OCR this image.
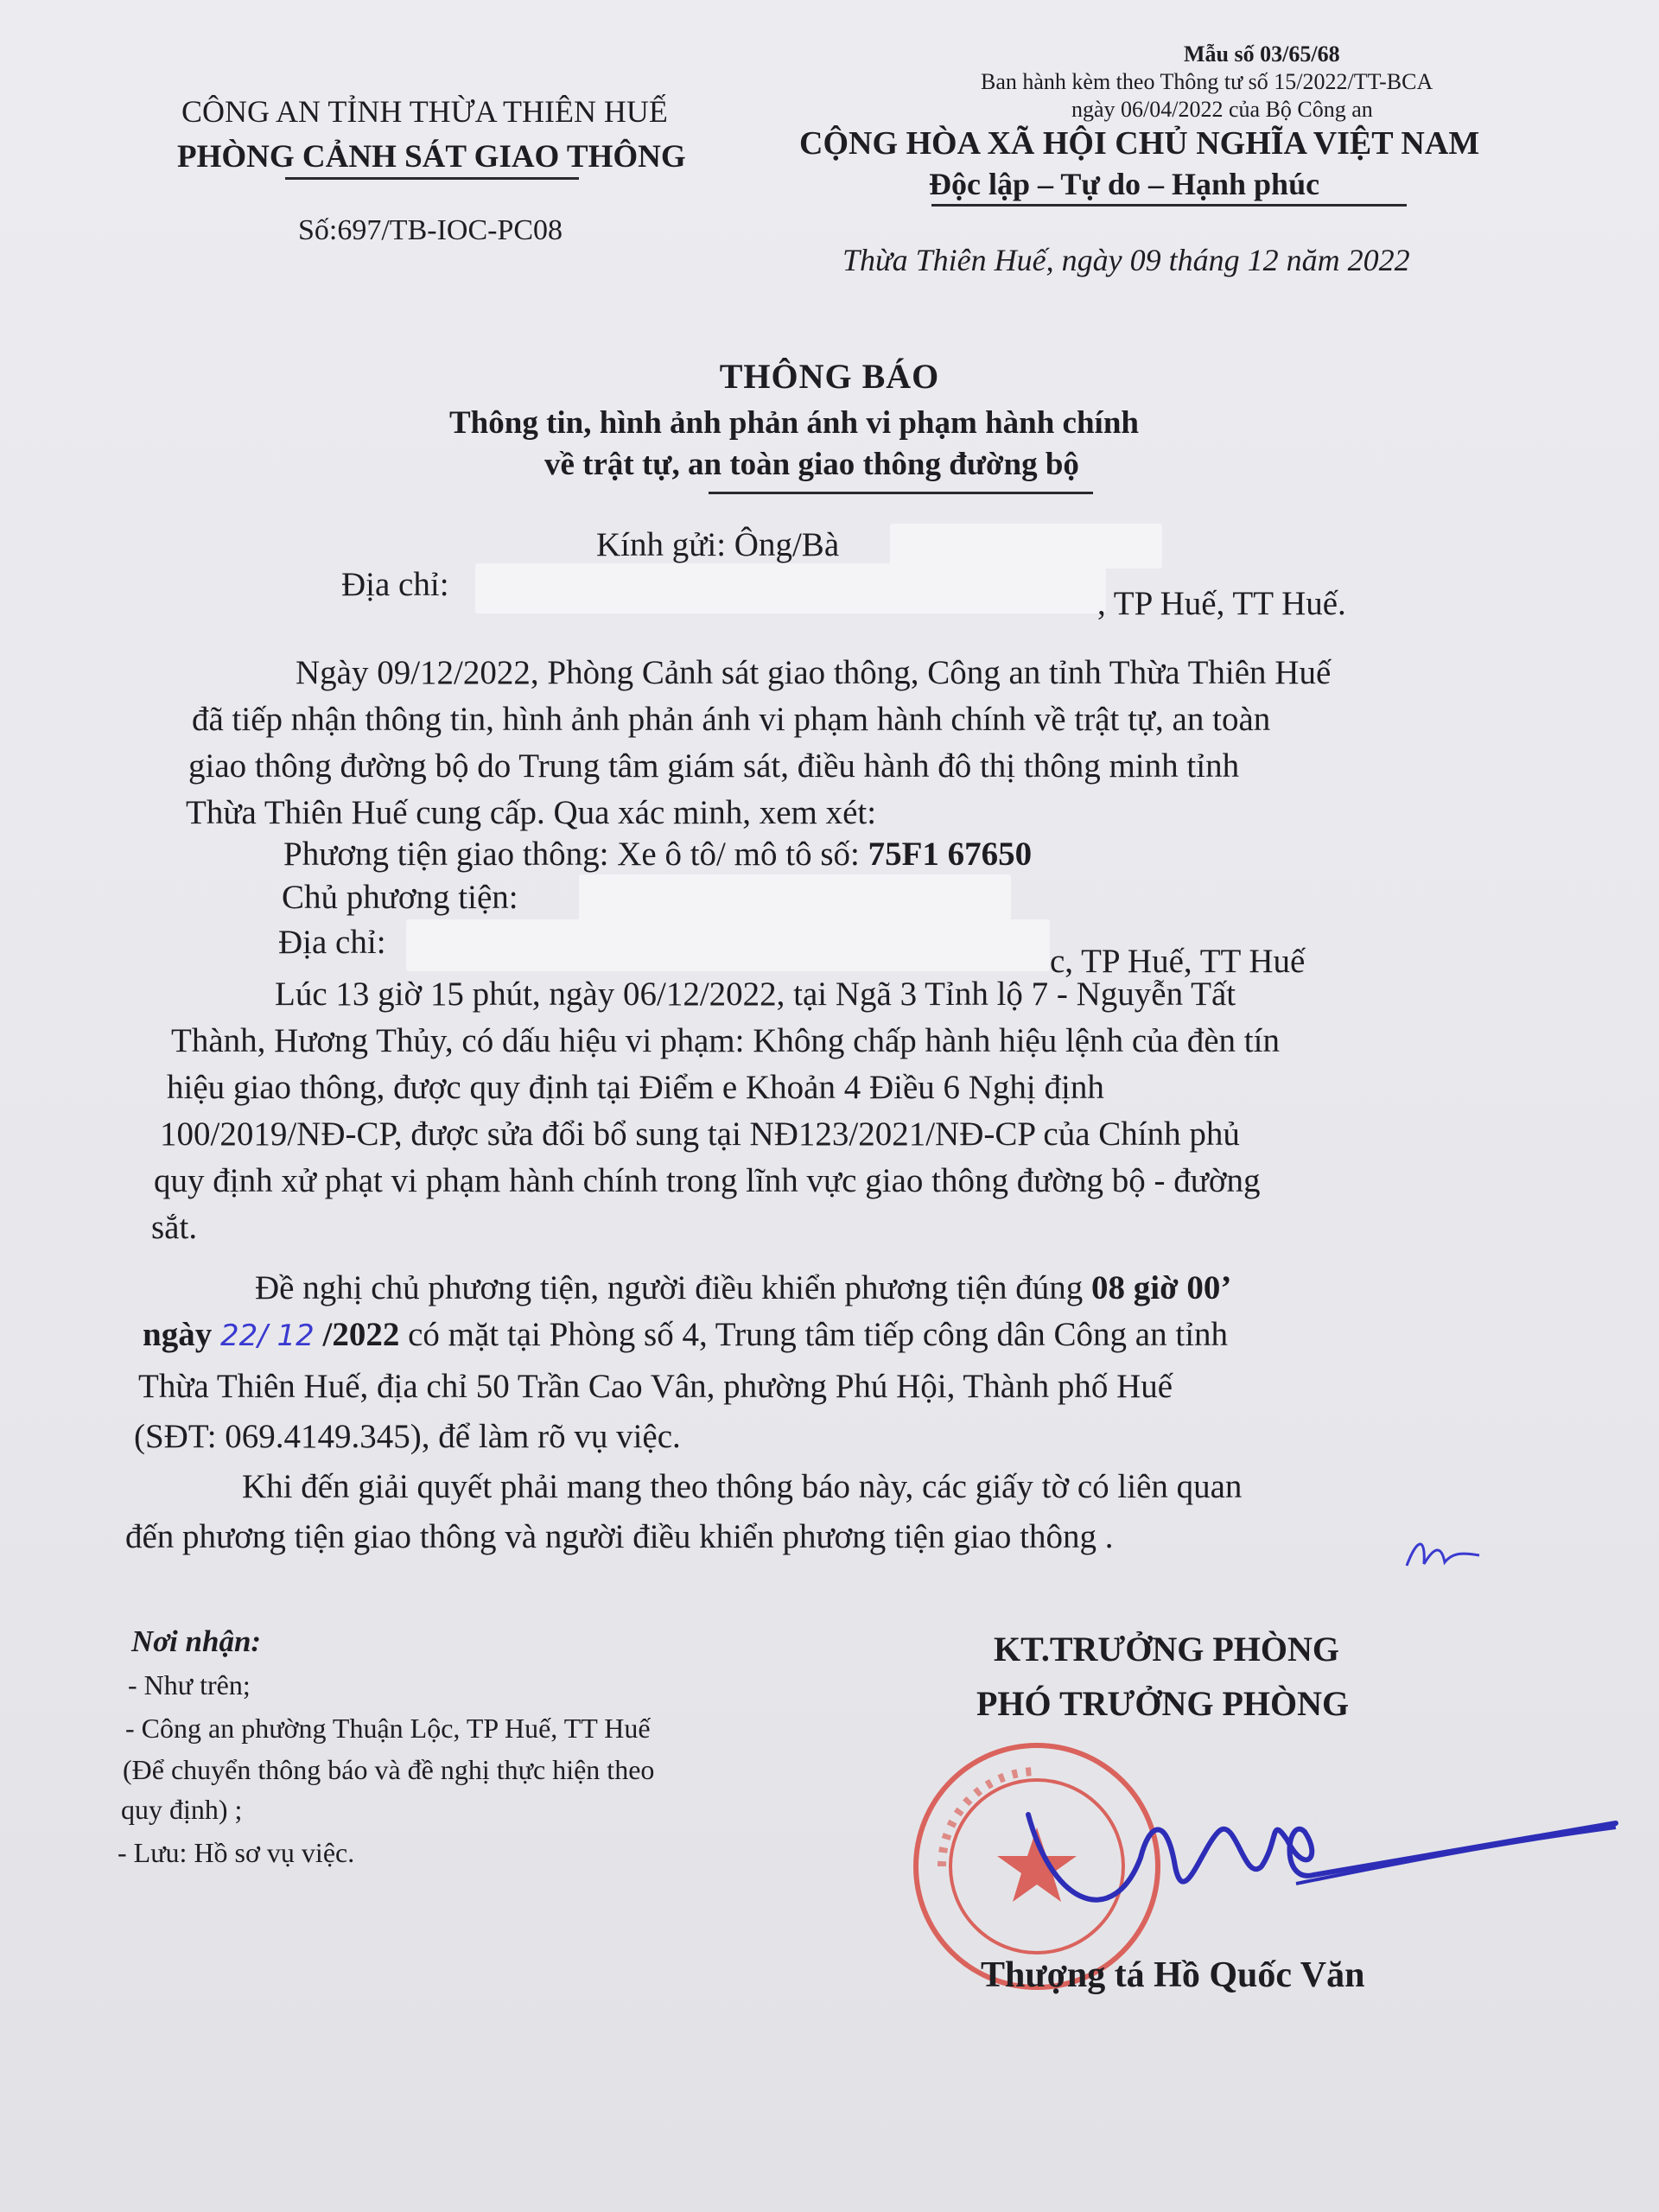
CÔNG AN TỈNH THỪA THIÊN HUẾ
PHÒNG CẢNH SÁT GIAO THÔNG
Số:697/TB-IOC-PC08
Mẫu số 03/65/68
Ban hành kèm theo Thông tư số 15/2022/TT-BCA
ngày 06/04/2022 của Bộ Công an
CỘNG HÒA XÃ HỘI CHỦ NGHĨA VIỆT NAM
Độc lập – Tự do – Hạnh phúc
Thừa Thiên Huế, ngày 09 tháng 12 năm 2022
THÔNG BÁO
Thông tin, hình ảnh phản ánh vi phạm hành chính
về trật tự, an toàn giao thông đường bộ
Kính gửi: Ông/Bà
Địa chỉ:
, TP Huế, TT Huế.
Ngày 09/12/2022, Phòng Cảnh sát giao thông, Công an tỉnh Thừa Thiên Huế
đã tiếp nhận thông tin, hình ảnh phản ánh vi phạm hành chính về trật tự, an toàn
giao thông đường bộ do Trung tâm giám sát, điều hành đô thị thông minh tỉnh
Thừa Thiên Huế cung cấp. Qua xác minh, xem xét:
Phương tiện giao thông: Xe ô tô/ mô tô số: 75F1 67650
Chủ phương tiện:
Địa chỉ:
c, TP Huế, TT Huế
Lúc 13 giờ 15 phút, ngày 06/12/2022, tại Ngã 3 Tỉnh lộ 7 - Nguyễn Tất
Thành, Hương Thủy, có dấu hiệu vi phạm: Không chấp hành hiệu lệnh của đèn tín
hiệu giao thông, được quy định tại Điểm e Khoản 4 Điều 6 Nghị định
100/2019/NĐ-CP, được sửa đổi bổ sung tại NĐ123/2021/NĐ-CP của Chính phủ
quy định xử phạt vi phạm hành chính trong lĩnh vực giao thông đường bộ - đường
sắt.
Đề nghị chủ phương tiện, người điều khiển phương tiện đúng 08 giờ 00’
ngày 22/ 12 /2022 có mặt tại Phòng số 4, Trung tâm tiếp công dân Công an tỉnh
Thừa Thiên Huế, địa chỉ 50 Trần Cao Vân, phường Phú Hội, Thành phố Huế
(SĐT: 069.4149.345), để làm rõ vụ việc.
Khi đến giải quyết phải mang theo thông báo này, các giấy tờ có liên quan
đến phương tiện giao thông và người điều khiển phương tiện giao thông .
Nơi nhận:
- Như trên;
- Công an phường Thuận Lộc, TP Huế, TT Huế
(Để chuyển thông báo và đề nghị thực hiện theo
quy định) ;
- Lưu: Hồ sơ vụ việc.
KT.TRƯỞNG PHÒNG
PHÓ TRƯỞNG PHÒNG
Thượng tá Hồ Quốc Văn
